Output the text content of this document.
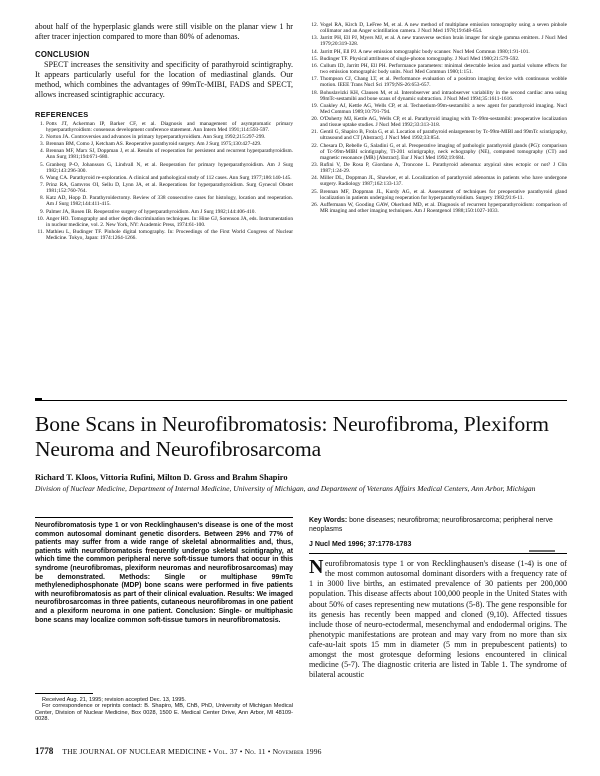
about half of the hyperplasic glands were still visible on the planar view 1 hr after tracer injection compared to more than 80% of adenomas.

CONCLUSION

SPECT increases the sensitivity and specificity of parathyroid scintigraphy. It appears particularly useful for the location of mediastinal glands. Our method, which combines the advantages of 99mTc-MIBI, FADS and SPECT, allows increased scintigraphic accuracy.

REFERENCES
1. Potts JT, Ackerman IP, Barker CF, et al. Diagnosis and management of asymptomatic primary hyperparathyroidism: consensus development conference statement. Ann Intern Med 1991;114:593-597.
2. Norton JA. Controversies and advances in primary hyperparathyroidism. Ann Surg 1992;215:297-299.
3. Brennan BM, Como J, Ketcham AS. Reoperative parathyroid surgery. Am J Surg 1975;130:427-429.
4. Brennan MF, Marx SJ, Doppman J, et al. Results of reoperation for persistent and recurrent hyperparathyroidism. Ann Surg 1981;194:671-680.
5. Granberg P-O, Johansson G, Lindvall N, et al. Reoperation for primary hyperparathyroidism. Am J Surg 1982;143:296-300.
6. Wang CA. Parathyroid re-exploration. A clinical and pathological study of 112 cases. Ann Surg 1977;186:140-145.
7. Prinz RA, Gamvros OI, Sellu D, Lynn JA, et al. Reoperations for hyperparathyroidism. Surg Gynecol Obstet 1981;152:760-764.
8. Katz AD, Hopp D. Parathyroidectomy. Review of 338 consecutive cases for histology, location and reoperation. Am J Surg 1982;144:411-415.
9. Palmer JA, Rosen IB. Reoperative surgery of hyperparathyroidism. Am J Surg 1982;144:406-410.
10. Anger HO. Tomography and other depth discrimination techniques. In: Hine GJ, Sorenson JA, eds. Instrumentation in nuclear medicine, vol. 2. New York, NY: Academic Press, 1974:61-100.
11. Mathieu L, Budinger TF. Pinhole digital tomography. In: Proceedings of the First World Congress of Nuclear Medicine. Tokyo, Japan: 1974:1264-1266.
12. Vogel RA, Kirch D, LeFree M, et al. A new method of multiplane emission tomography using a seven pinhole collimator and an Anger scintillation camera. J Nucl Med 1978;19:648-654.
13. Jarritt PH, Ell PJ, Myers MJ, et al. A new transverse section brain imager for single gamma emitters. J Nucl Med 1979;20:319-328.
14. Jarritt PH, Ell PJ. A new emission tomographic body scanner. Nucl Med Commun 1980;1:91-101.
15. Budinger TF. Physical attributes of single-photon tomography. J Nucl Med 1980;21:579-592.
16. Cullum ID, Jarritt PH, Ell PH. Performance parameters: minimal detectable lesion and partial volume effects for two emission tomographic body units. Nucl Med Commun 1980;1:151.
17. Thompson CJ, Chang LT, et al. Performance evaluation of a positron imaging device with continuous wobble motion. IEEE Trans Nucl Sci 1979;NS-26:653-657.
18. Bohuslavizki KH, Clausen M, et al. Interobserver and intraobserver variability in the second cardiac area using 99mTc-sestamibi and bone scans of dynamic subtraction. J Nucl Med 1994;35:1611-1616.
19. Coakley AJ, Kettle AG, Wells CP, et al. Technetium-99m-sestamibi: a new agent for parathyroid imaging. Nucl Med Commun 1989;10:791-794.
20. O'Doherty MJ, Kettle AG, Wells CP, et al. Parathyroid imaging with Tc-99m-sestamibi: preoperative localization and tissue uptake studies. J Nucl Med 1992;33:313-318.
21. Gentil G, Shapiro B, Frola G, et al. Location of parathyroid enlargement by Tc-99m-MIBI and 99mTc scintigraphy, ultrasound and CT [Abstract]. J Nucl Med 1992;33:854.
22. Chesara D, Rebelle G, Saladini G, et al. Preoperative imaging of pathologic parathyroid glands (PG): comparison of Tc-99m-MIBI scintigraphy, Tl-201 scintigraphy, neck echography (NE), computed tomography (CT) and magnetic resonance (MR) [Abstract]. Eur J Nucl Med 1992;19:684.
23. Rufini V, De Rosa P, Giordano A, Troncone L. Parathyroid adenoma: atypical sites ectopic or not? J Clin 1987;1:24-29.
24. Miller DL, Doppman JL, Shawker, et al. Localization of parathyroid adenomas in patients who have undergone surgery. Radiology 1987;162:133-137.
25. Brennan MF, Doppman JL, Kurdy AG, et al. Assessment of techniques for preoperative parathyroid gland localization in patients undergoing reoperation for hyperparathyroidism. Surgery 1982;91:6-11.
26. Auffermann W, Gooding GAW, Okerlund MD, et al. Diagnosis of recurrent hyperparathyroidism: comparison of MR imaging and other imaging techniques. Am J Roentgenol 1988;150:1027-1033.
Bone Scans in Neurofibromatosis: Neurofibroma, Plexiform Neuroma and Neurofibrosarcoma

Richard T. Kloos, Vittoria Rufini, Milton D. Gross and Brahm Shapiro

Division of Nuclear Medicine, Department of Internal Medicine, University of Michigan, and Department of Veterans Affairs Medical Centers, Ann Arbor, Michigan

Neurofibromatosis type 1 or von Recklinghausen's disease is one of the most common autosomal dominant genetic disorders. Between 29% and 77% of patients may suffer from a wide range of skeletal abnormalities and, thus, patients with neurofibromatosis frequently undergo skeletal scintigraphy, at which time the common peripheral nerve soft-tissue tumors that occur in this syndrome (neurofibromas, plexiform neuromas and neurofibrosarcomas) may be demonstrated. Methods: Single or multiphase 99mTc methylenediphosphonate (MDP) bone scans were performed in five patients with neurofibromatosis as part of their clinical evaluation. Results: We imaged neurofibrosarcomas in three patients, cutaneous neurofibromas in one patient and a plexiform neuroma in one patient. Conclusion: Single- or multiphasic bone scans may localize common soft-tissue tumors in neurofibromatosis.

Key Words: bone diseases; neurofibroma; neurofibrosarcoma; peripheral nerve neoplasms

J Nucl Med 1996; 37:1778-1783

Neurofibromatosis type 1 or von Recklinghausen's disease (1-4) is one of the most common autosomal dominant disorders with a frequency rate of 1 in 3000 live births, an estimated prevalence of 30 patients per 200,000 population. This disease affects about 100,000 people in the United States with about 50% of cases representing new mutations (5-8). The gene responsible for its genesis has recently been mapped and cloned (9,10). Affected tissues include those of neuro-ectodermal, mesenchymal and endodermal origins. The phenotypic manifestations are protean and may vary from no more than six cafe-au-lait spots 15 mm in diameter (5 mm in prepubescent patients) to amongst the most grotesque deforming lesions encountered in clinical medicine (5-7). The diagnostic criteria are listed in Table 1. The syndrome of bilateral acoustic

Received Aug. 21, 1995; revision accepted Dec. 13, 1995.

For correspondence or reprints contact: B. Shapiro, MB, ChB, PhD, University of Michigan Medical Center, Division of Nuclear Medicine, Box 0028, 1500 E. Medical Center Drive, Ann Arbor, MI 48109-0028.

1778 THE JOURNAL OF NUCLEAR MEDICINE • Vol. 37 • No. 11 • November 1996
